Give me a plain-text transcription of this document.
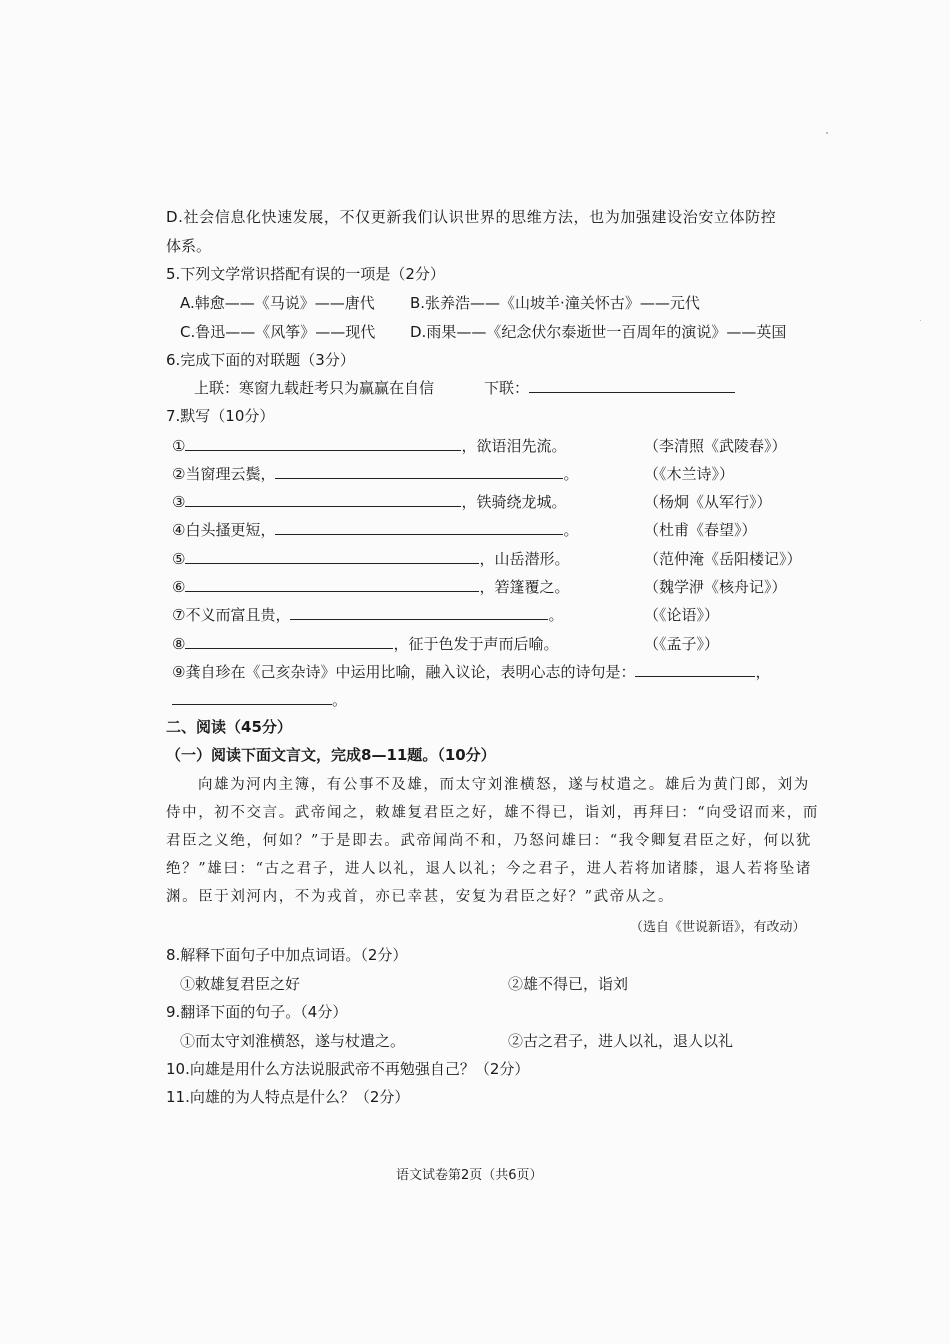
D.社会信息化快速发展，不仅更新我们认识世界的思维方法，也为加强建设治安立体防控
体系。
5.下列文学常识搭配有误的一项是（2分）
A.韩愈——《马说》——唐代 B.张养浩——《山坡羊·潼关怀古》——元代
C.鲁迅——《风筝》——现代 D.雨果——《纪念伏尔泰逝世一百周年的演说》——英国
6.完成下面的对联题（3分）
上联：寒窗九载赶考只为赢赢在自信	下联：
7.默写（10分）
①	，欲语泪先流。	（李清照《武陵春》）
②当窗理云鬓，	。	（《木兰诗》）
③	，铁骑绕龙城。	（杨炯《从军行》）
④白头搔更短，	。	（杜甫《春望》）
⑤	，山岳潜形。	（范仲淹《岳阳楼记》）
⑥	，箬篷覆之。	（魏学洢《核舟记》）
⑦不义而富且贵，	。	（《论语》）
⑧	，征于色发于声而后喻。	（《孟子》）
⑨龚自珍在《己亥杂诗》中运用比喻，融入议论，表明心志的诗句是：	，
。
二、阅读（45分）
（一）阅读下面文言文，完成8—11题。（10分）
向雄为河内主簿，有公事不及雄，而太守刘淮横怒，遂与杖遣之。雄后为黄门郎，刘为
侍中，初不交言。武帝闻之，敕雄复君臣之好，雄不得已，诣刘，再拜曰：“向受诏而来，而
君臣之义绝，何如？”于是即去。武帝闻尚不和，乃怒问雄曰：“我令卿复君臣之好，何以犹
绝？”雄曰：“古之君子，进人以礼，退人以礼；今之君子，进人若将加诸膝，退人若将坠诸
渊。臣于刘河内，不为戎首，亦已幸甚，安复为君臣之好？”武帝从之。
（选自《世说新语》，有改动）
8.解释下面句子中加点词语。（2分）
①敕雄复君臣之好	②雄不得已，诣刘
9.翻译下面的句子。（4分）
①而太守刘淮横怒，遂与杖遣之。	②古之君子，进人以礼，退人以礼
10.向雄是用什么方法说服武帝不再勉强自己？（2分）
11.向雄的为人特点是什么？（2分）
语文试卷第2页（共6页）
